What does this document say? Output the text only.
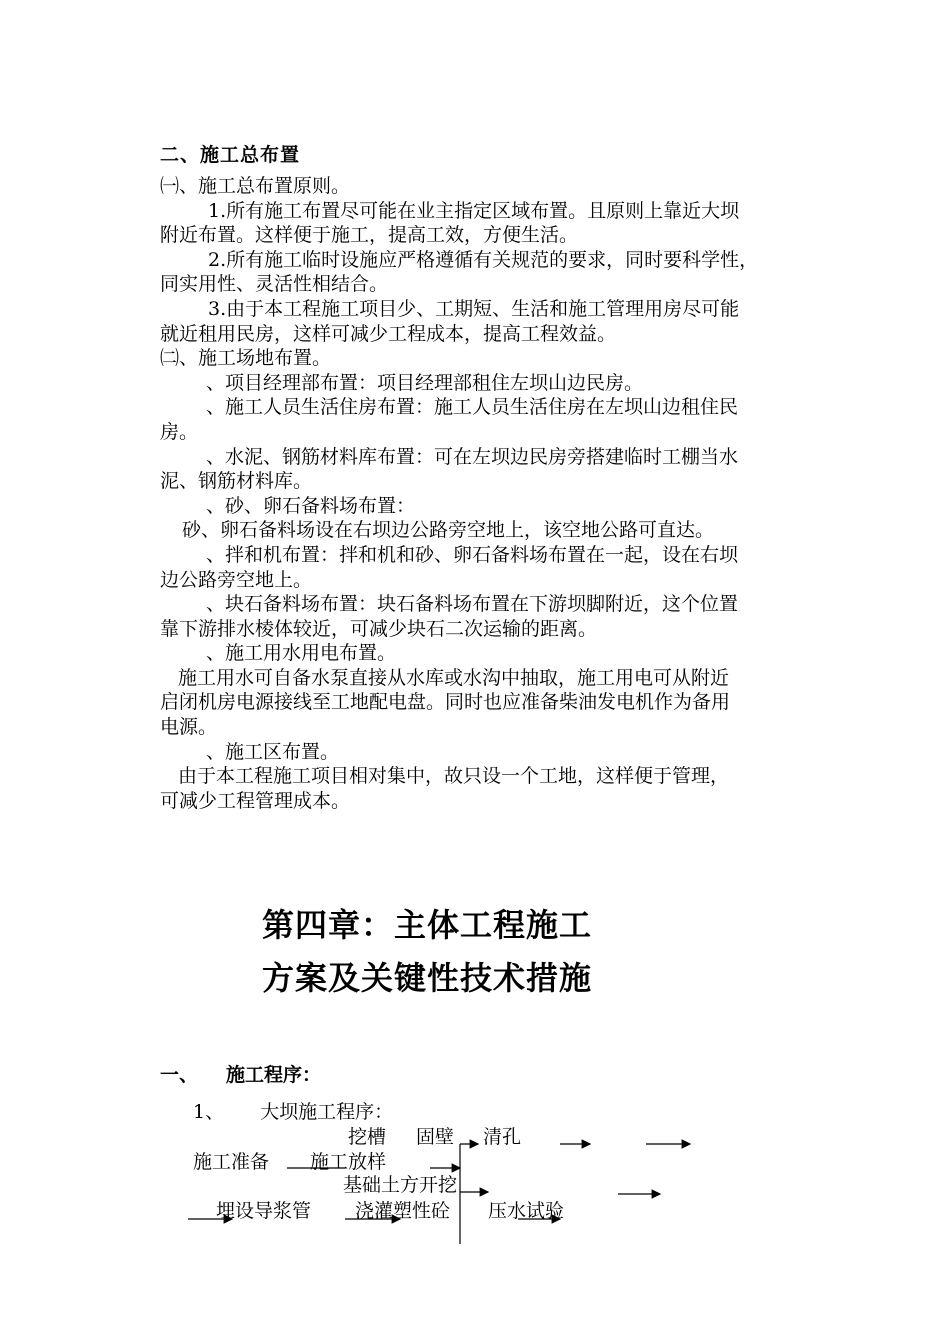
二、施工总布置
㈠、施工总布置原则。
1.所有施工布置尽可能在业主指定区域布置。且原则上靠近大坝
附近布置。这样便于施工，提高工效，方便生活。
2.所有施工临时设施应严格遵循有关规范的要求，同时要科学性，
同实用性、灵活性相结合。
3.由于本工程施工项目少、工期短、生活和施工管理用房尽可能
就近租用民房，这样可减少工程成本，提高工程效益。
㈡、施工场地布置。
、项目经理部布置：项目经理部租住左坝山边民房。
、施工人员生活住房布置：施工人员生活住房在左坝山边租住民
房。
、水泥、钢筋材料库布置：可在左坝边民房旁搭建临时工棚当水
泥、钢筋材料库。
、砂、卵石备料场布置：
砂、卵石备料场设在右坝边公路旁空地上，该空地公路可直达。
、拌和机布置：拌和机和砂、卵石备料场布置在一起，设在右坝
边公路旁空地上。
、块石备料场布置：块石备料场布置在下游坝脚附近，这个位置
靠下游排水棱体较近，可减少块石二次运输的距离。
、施工用水用电布置。
施工用水可自备水泵直接从水库或水沟中抽取，施工用电可从附近
启闭机房电源接线至工地配电盘。同时也应准备柴油发电机作为备用
电源。
、施工区布置。
由于本工程施工项目相对集中，故只设一个工地，这样便于管理，
可减少工程管理成本。
第四章：主体工程施工
方案及关键性技术措施
一、 施工程序：
1、 大坝施工程序：
挖槽 固壁 清孔
施工准备 施工放样
基础土方开挖
埋设导浆管 浇灌塑性砼 压水试验
